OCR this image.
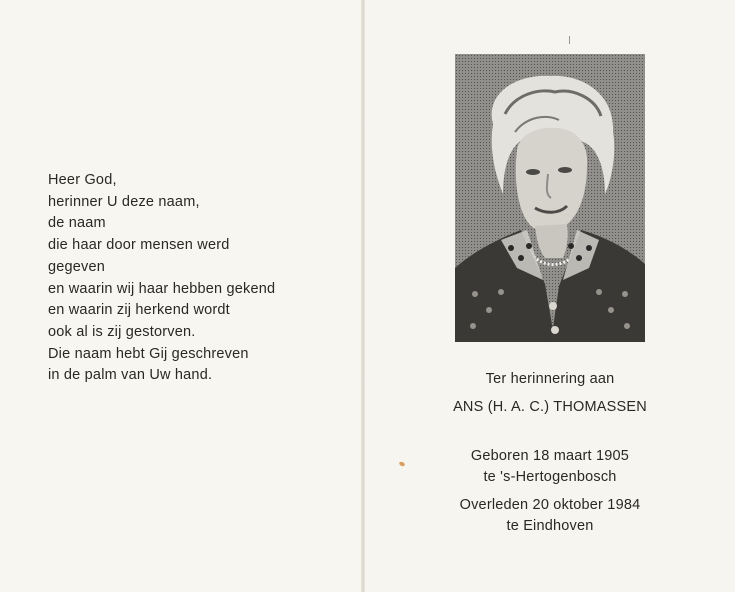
Heer God,
herinner U deze naam,
de naam
die haar door mensen werd
gegeven
en waarin wij haar hebben gekend
en waarin zij herkend wordt
ook al is zij gestorven.
Die naam hebt Gij geschreven
in de palm van Uw hand.	Ter herinnering aan
ANS (H. A. C.) THOMASSEN
Geboren 18 maart 1905
te 's-Hertogenbosch
Overleden 20 oktober 1984
te Eindhoven
